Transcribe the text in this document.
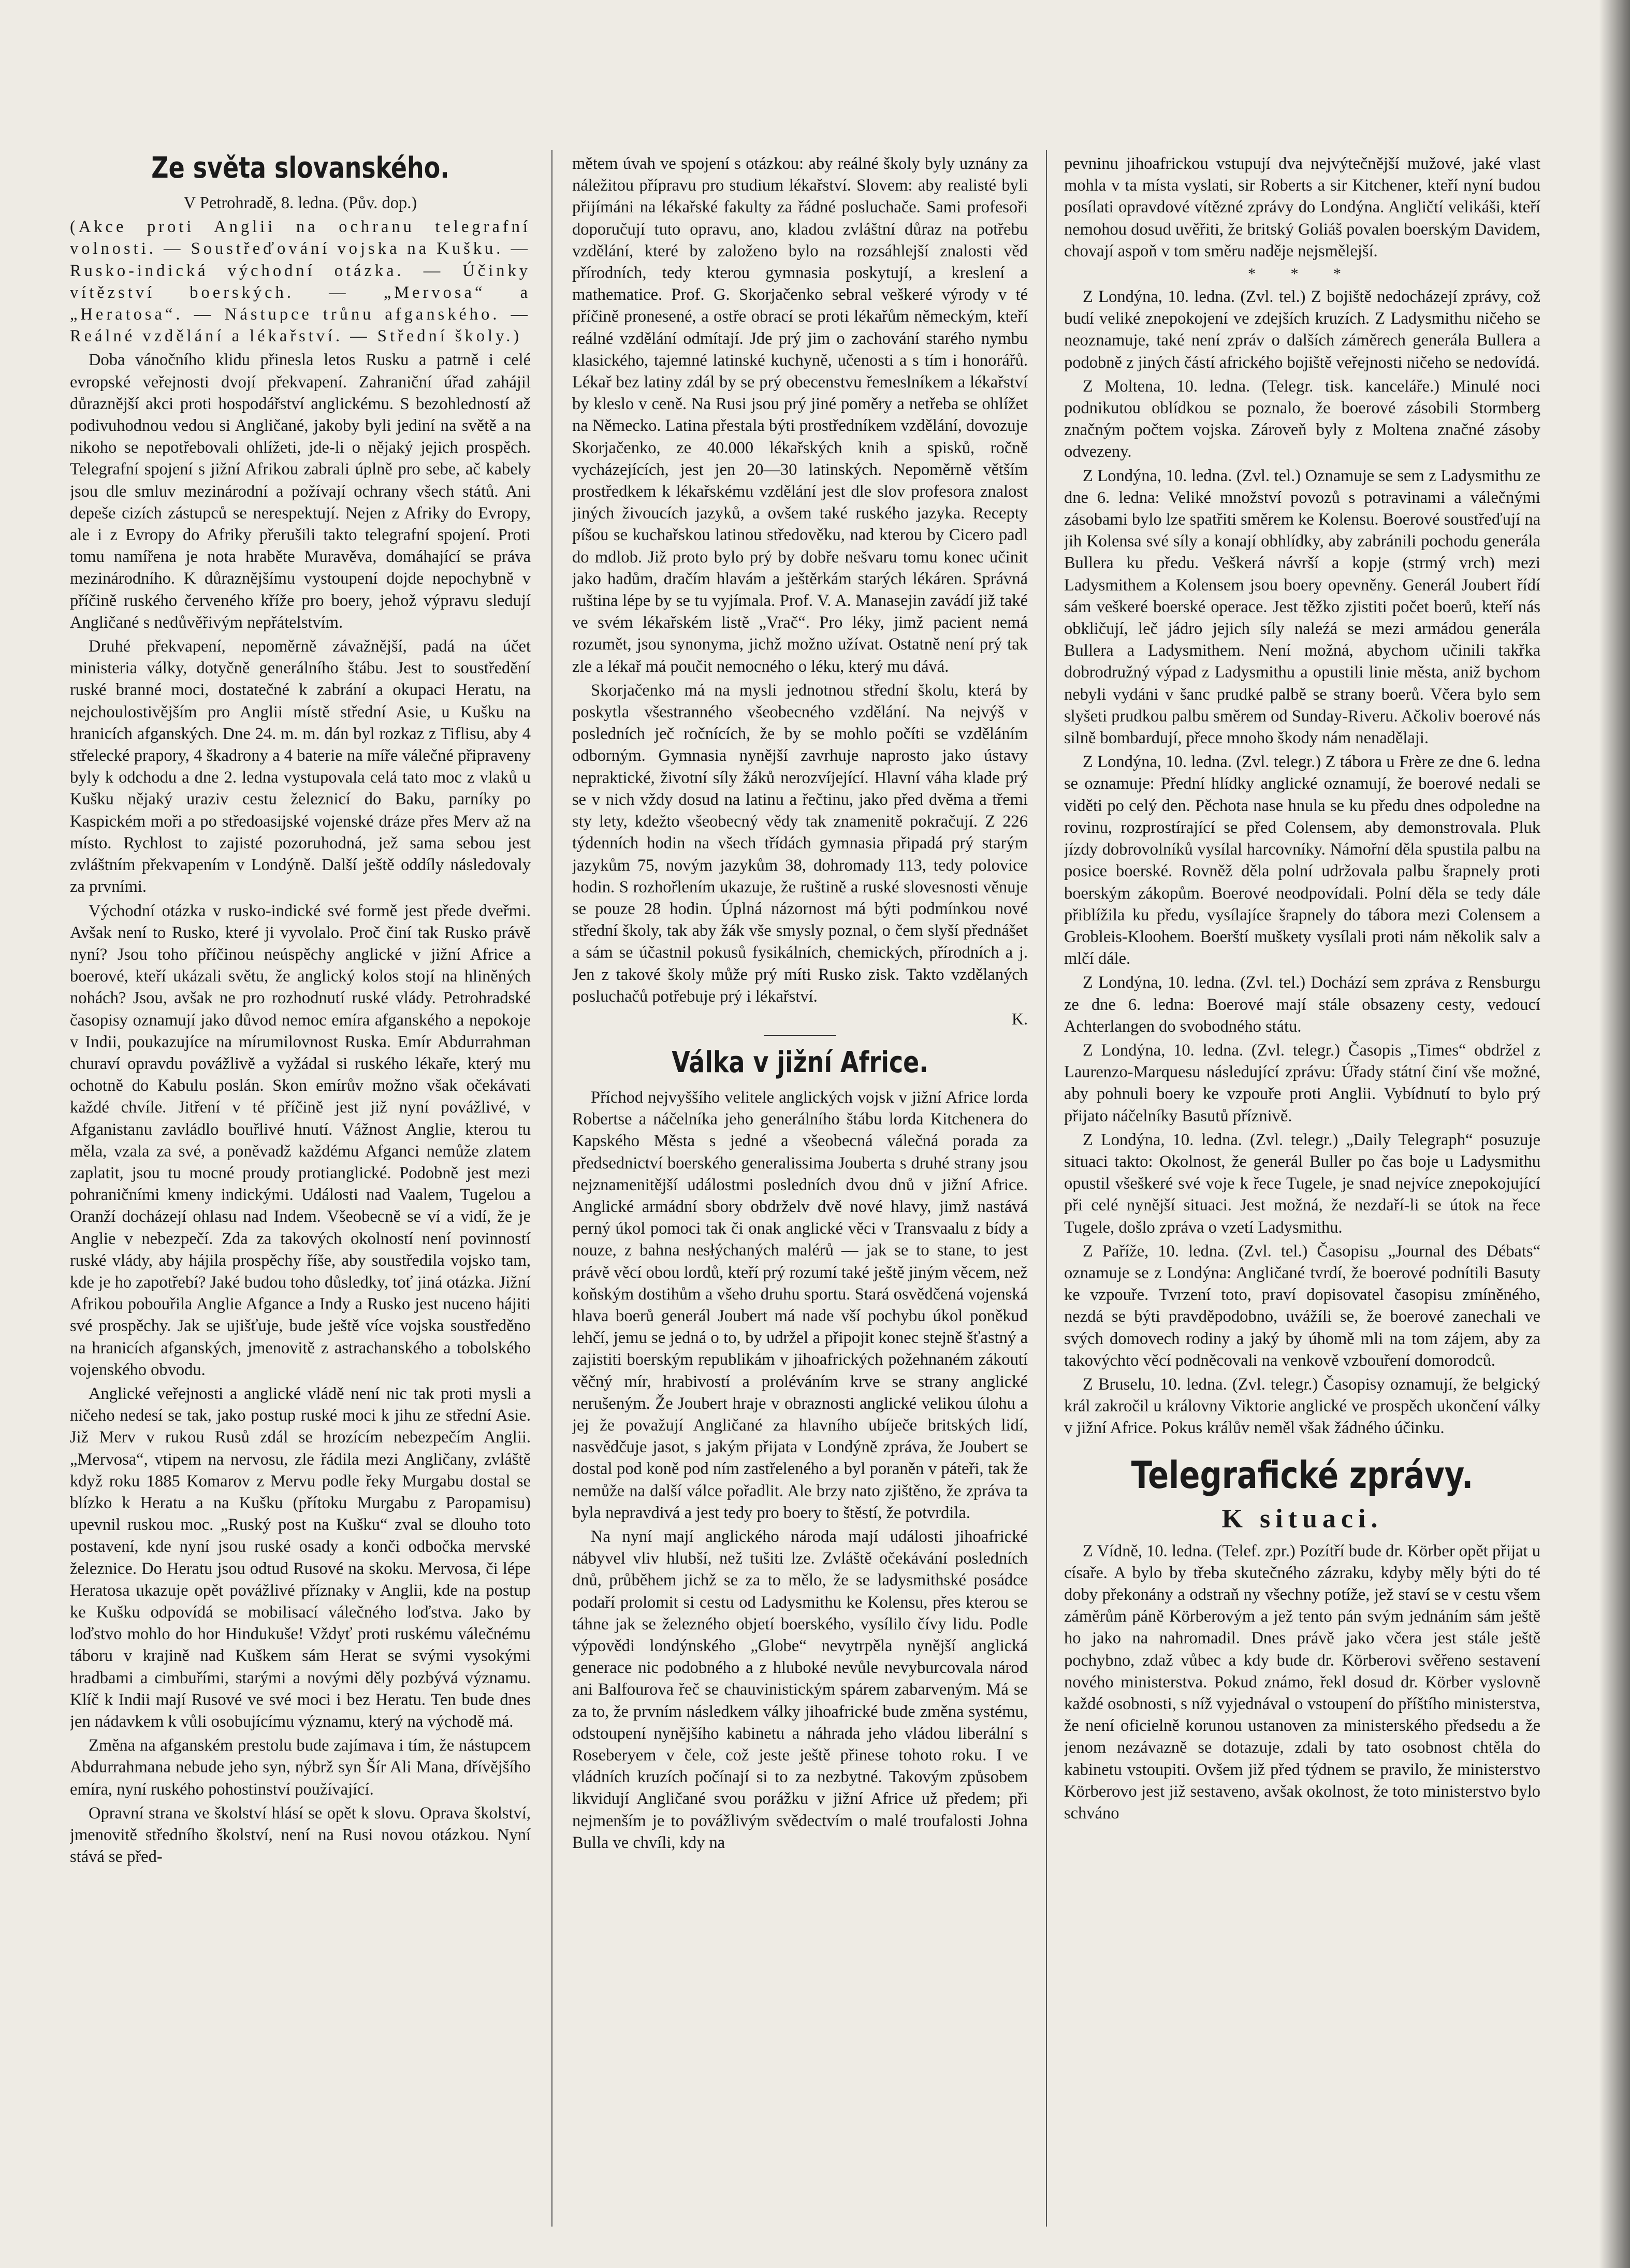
Ze světa slovanského.

V Petrohradě, 8. ledna. (Pův. dop.)

(Akce proti Anglii na ochranu telegrafní volnosti. — Soustřeďování vojska na Kušku. — Rusko-indická východní otázka. — Účinky vítězství boerských. — „Mervosa“ a „Heratosa“. — Nástupce trůnu afganského. — Reálné vzdělání a lékařství. — Střední školy.)

Doba vánočního klidu přinesla letos Rusku a patrně i celé evropské veřejnosti dvojí překvapení. Zahraniční úřad zahájil důraznější akci proti hospodářství anglickému. S bezohledností až podivuhodnou vedou si Angličané, jakoby byli jediní na světě a na nikoho se nepotřebovali ohlížeti, jde-li o nějaký jejich prospěch. Telegrafní spojení s jižní Afrikou zabrali úplně pro sebe, ač kabely jsou dle smluv mezinárodní a požívají ochrany všech států. Ani depeše cizích zástupců se nerespektují. Nejen z Afriky do Evropy, ale i z Evropy do Afriky přerušili takto telegrafní spojení. Proti tomu namířena je nota hraběte Muravěva, domáhající se práva mezinárodního. K důraznějšímu vystoupení dojde nepochybně v příčině ruského červeného kříže pro boery, jehož výpravu sledují Angličané s nedůvěřivým nepřátelstvím.

Druhé překvapení, nepoměrně závažnější, padá na účet ministeria války, dotyčně generálního štábu. Jest to soustředění ruské branné moci, dostatečné k zabrání a okupaci Heratu, na nejchoulostivějším pro Anglii místě střední Asie, u Kušku na hranicích afganských. Dne 24. m. m. dán byl rozkaz z Tiflisu, aby 4 střelecké prapory, 4 škadrony a 4 baterie na míře válečné připraveny byly k odchodu a dne 2. ledna vystupovala celá tato moc z vlaků u Kušku nějaký uraziv cestu železnicí do Baku, parníky po Kaspickém moři a po středoasijské vojenské dráze přes Merv až na místo. Rychlost to zajisté pozoruhodná, jež sama sebou jest zvláštním překvapením v Londýně. Další ještě oddíly následovaly za prvními.

Východní otázka v rusko-indické své formě jest přede dveřmi. Avšak není to Rusko, které ji vyvolalo. Proč činí tak Rusko právě nyní? Jsou toho příčinou neúspěchy anglické v jižní Africe a boerové, kteří ukázali světu, že anglický kolos stojí na hliněných nohách? Jsou, avšak ne pro rozhodnutí ruské vlády. Petrohradské časopisy oznamují jako důvod nemoc emíra afganského a nepokoje v Indii, poukazujíce na mírumilovnost Ruska. Emír Abdurrahman churaví opravdu povážlivě a vyžádal si ruského lékaře, který mu ochotně do Kabulu poslán. Skon emírův možno však očekávati každé chvíle. Jitření v té příčině jest již nyní povážlivé, v Afganistanu zavládlo bouřlivé hnutí. Vážnost Anglie, kterou tu měla, vzala za své, a poněvadž každému Afganci nemůže zlatem zaplatit, jsou tu mocné proudy protianglické. Podobně jest mezi pohraničními kmeny indickými. Události nad Vaalem, Tugelou a Oranží docházejí ohlasu nad Indem. Všeobecně se ví a vidí, že je Anglie v nebezpečí. Zda za takových okolností není povinností ruské vlády, aby hájila prospěchy říše, aby soustředila vojsko tam, kde je ho zapotřebí? Jaké budou toho důsledky, toť jiná otázka. Jižní Afrikou pobouřila Anglie Afgance a Indy a Rusko jest nucenо hájiti své prospěchy. Jak se ujišťuje, bude ještě více vojska soustředěno na hranicích afganských, jmenovitě z astrachanského a tobolského vojenského obvodu.

Anglické veřejnosti a anglické vládě není nic tak proti mysli a ničeho nedesí se tak, jako postup ruské moci k jihu ze střední Asie. Již Merv v rukou Rusů zdál se hrozícím nebezpečím Anglii. „Mervosa“, vtipem na nervosu, zle řádila mezi Angličany, zvláště když roku 1885 Komarov z Mervu podle řeky Murgabu dostal se blízko k Heratu a na Kušku (přítoku Murgabu z Paropamisu) upevnil ruskou moc. „Ruský post na Kušku“ zval se dlouho toto postavení, kde nyní jsou ruské osady a konči odbočka mervské železnice. Do Heratu jsou odtud Rusové na skoku. Mervosa, či lépe Heratosa ukazuje opět povážlivé příznaky v Anglii, kde na postup ke Kušku odpovídá se mobilisací válečného loďstva. Jako by loďstvo mohlo do hor Hindukuše! Vždyť proti ruskému válečnému táboru v krajině nad Kuškem sám Herat se svými vysokými hradbami a cimbuřími, starými a novými děly pozbývá významu. Klíč k Indii mají Rusové ve své moci i bez Heratu. Ten bude dnes jen nádavkem k vůli osobujícímu významu, který na východě má.

Změna na afganském prestolu bude zajímava i tím, že nástupcem Abdurrahmana nebude jeho syn, nýbrž syn Šír Ali Mana, dřívějšího emíra, nyní ruského pohostinství používající.

Opravní strana ve školství hlásí se opět k slovu. Oprava školství, jmenovitě středního školství, není na Rusi novou otázkou. Nyní stává se před-

mětem úvah ve spojení s otázkou: aby reálné školy byly uznány za náležitou přípravu pro studium lékařství. Slovem: aby realisté byli přijímáni na lékařské fakulty za řádné posluchače. Sami profesoři doporučují tuto opravu, ano, kladou zvláštní důraz na potřebu vzdělání, které by založeno bylo na rozsáhlejší znalosti věd přírodních, tedy kterou gymnasia poskytují, a kreslení a mathematice. Prof. G. Skorjačenko sebral veškeré výrody v té příčině pronesené, a ostře obrací se proti lékařům německým, kteří reálné vzdělání odmítají. Jde prý jim o zachování starého nymbu klasického, tajemné latinské kuchyně, učenosti a s tím i honorářů. Lékař bez latiny zdál by se prý obecenstvu řemeslníkem a lékařství by kleslo v ceně. Na Rusi jsou prý jiné poměry a netřeba se ohlížet na Německo. Latina přestala býti prostředníkem vzdělání, dovozuje Skorjačenko, ze 40.000 lékařských knih a spisků, ročně vycházejících, jest jen 20—30 latinských. Nepoměrně větším prostředkem k lékařskému vzdělání jest dle slov profesora znalost jiných živoucích jazyků, a ovšem také ruského jazyka. Recepty píšou se kuchařskou latinou středověku, nad kterou by Cicero padl do mdlob. Již proto bylo prý by dobře nešvaru tomu konec učinit jako hadům, dračím hlavám a ještěrkám starých lékáren. Správná ruština lépe by se tu vyjímala. Prof. V. A. Manasejin zavádí již také ve svém lékařském listě „Vrač“. Pro léky, jimž pacient nemá rozumět, jsou synonyma, jichž možno užívat. Ostatně není prý tak zle a lékař má poučit nemocného o léku, který mu dává.

Skorjačenko má na mysli jednotnou střední školu, která by poskytla všestranného všeobecného vzdělání. Na nejvýš v posledních ječ ročnících, že by se mohlo počíti se vzděláním odborným. Gymnasia nynější zavrhuje naprosto jako ústavy nepraktické, životní síly žáků nerozvíjející. Hlavní váha klade prý se v nich vždy dosud na latinu a řečtinu, jako před dvěma a třemi sty lety, kdežto všeobecný vědy tak znamenitě pokračují. Z 226 týdenních hodin na všech třídách gymnasia připadá prý starým jazykům 75, novým jazykům 38, dohromady 113, tedy polovice hodin. S rozhořlením ukazuje, že ruštině a ruské slovesnosti věnuje se pouze 28 hodin. Úplná názornost má býti podmínkou nové střední školy, tak aby žák vše smysly poznal, o čem slyší přednášet a sám se účastnil pokusů fysikálních, chemických, přírodních a j. Jen z takové školy může prý míti Rusko zisk. Takto vzdělaných posluchačů potřebuje prý i lékařství.

K.
Válka v jižní Africe.

Příchod nejvyššího velitele anglických vojsk v jižní Africe lorda Robertse a náčelníka jeho generálního štábu lorda Kitchenera do Kapského Města s jedné a všeobecná válečná porada za předsednictví boerského generalissima Jouberta s druhé strany jsou nejznamenitější událostmi posledních dvou dnů v jižní Africe. Anglické armádní sbory obdrželv dvě nové hlavy, jimž nastává perný úkol pomoci tak či onak anglické věci v Transvaalu z bídy a nouze, z bahna nesłýchaných malérů — jak se to stane, to jest právě věcí obou lordů, kteří prý rozumí také ještě jiným věcem, než koňským dostihům a všeho druhu sportu. Stará osvědčená vojenská hlava boerů generál Joubert má nade vší pochybu úkol poněkud lehčí, jemu se jedná o to, by udržel a připojit konec stejně šťastný a zajistiti boerským republikám v jihoafrických požehnaném zákoutí věčný mír, hrabivostí a proléváním krve se strany anglické nerušeným. Že Joubert hraje v obraznosti anglické velikou úlohu a jej že považují Angličané za hlavního ubíječe britských lidí, nasvědčuje jasot, s jakým přijata v Londýně zpráva, že Joubert se dostal pod koně pod ním zastřeleného a byl poraněn v páteři, tak že nemůže na další válce pořadlit. Ale brzy nato zjištěno, že zpráva ta byla nepravdivá a jest tedy pro boery to štěstí, že potvrdila.

Na nyní mají anglického národa mají události jihoafrické nábyvel vliv hlubší, než tušiti lze. Zvláště očekávání posledních dnů, průběhem jichž se za to mělo, že se ladysmithské posádce podaří prolomit si cestu od Ladysmithu ke Kolensu, přes kterou se táhne jak se železného objetí boerského, vysílilo čívy lidu. Podle výpovědi londýnského „Globe“ nevytrpěla nynější anglická generace nic podobného a z hluboké nevůle nevyburcovala národ ani Balfourova řeč se chauvinistickým spárem zabarveným. Má se za to, že prvním následkem války jihoafrické bude změna systému, odstoupení nynějšího kabinetu a náhrada jeho vládou liberální s Roseberyem v čele, což jeste ještě přinese tohoto roku. I ve vládních kruzích počínají si to za nezbytné. Takovým způsobem likvidují Angličané svou porážku v jižní Africe už předem; při nejmenším je to povážlivým svědectvím o malé troufalosti Johna Bulla ve chvíli, kdy na

pevninu jihoafrickou vstupují dva nejvýtečnější mužové, jaké vlast mohla v ta místa vyslati, sir Roberts a sir Kitchener, kteří nyní budou posílati opravdové vítězné zprávy do Londýna. Angličtí velikáši, kteří nemohou dosud uvěřiti, že britský Goliáš povalen boerským Davidem, chovají aspoň v tom směru naděje nejsmělejší.

* * *

Z Londýna, 10. ledna. (Zvl. tel.) Z bojiště nedocházejí zprávy, což budí veliké znepokojení ve zdejších kruzích. Z Ladysmithu ničeho se neoznamuje, také není zpráv o dalších záměrech generála Bullera a podobně z jiných částí afrického bojiště veřejnosti ničeho se nedovídá.

Z Moltena, 10. ledna. (Telegr. tisk. kanceláře.) Minulé noci podnikutou oblídkou se poznalo, že boerové zásobili Stormberg značným počtem vojska. Zároveň byly z Moltena značné zásoby odvezeny.

Z Londýna, 10. ledna. (Zvl. tel.) Oznamuje se sem z Ladysmithu ze dne 6. ledna: Veliké množství povozů s potravinami a válečnými zásobami bylo lze spatřiti směrem ke Kolensu. Boerové soustřeďují na jih Kolensa své síly a konají obhlídky, aby zabránili pochodu generála Bullera ku předu. Veškerá návrší a kopje (strmý vrch) mezi Ladysmithem a Kolensem jsou boery opevněny. Generál Joubert řídí sám veškeré boerské operace. Jest těžko zjistiti počet boerů, kteří nás obkličují, leč jádro jejich síly naleźá se mezi armádou generála Bullera a Ladysmithem. Není možná, abychom učinili takřka dobrodružný výpad z Ladysmithu a opustili linie města, aniž bychom nebyli vydáni v šanc prudké palbě se strany boerů. Včera bylo sem slyšeti prudkou palbu směrem od Sunday-Riveru. Ačkoliv boerové nás silně bombardují, přece mnoho škody nám nenadělaji.

Z Londýna, 10. ledna. (Zvl. telegr.) Z tábora u Frère ze dne 6. ledna se oznamuje: Přední hlídky anglické oznamují, že boerové nedali se viděti po celý den. Pěchota nase hnula se ku předu dnes odpoledne na rovinu, rozprostírající se před Colensem, aby demonstrovala. Pluk jízdy dobrovolníků vysílal harcovníky. Námořní děla spustila palbu na posice boerské. Rovněž děla polní udržovala palbu šrapnely proti boerským zákopům. Boerové neodpovídali. Polní děla se tedy dále přiblížila ku předu, vysílajíce šrapnely do tábora mezi Colensem a Grobleis-Kloohem. Boerští muškety vysílali proti nám několik salv a mlčí dále.

Z Londýna, 10. ledna. (Zvl. tel.) Dochází sem zpráva z Rensburgu ze dne 6. ledna: Boerové mají stále obsazeny cesty, vedoucí Achterlangen do svobodného státu.

Z Londýna, 10. ledna. (Zvl. telegr.) Časopis „Times“ obdržel z Laurenzo-Marquesu následující zprávu: Úřady státní činí vše možné, aby pohnuli boery ke vzpouře proti Anglii. Vybídnutí to bylo prý přijato náčelníky Basutů příznivě.

Z Londýna, 10. ledna. (Zvl. telegr.) „Daily Telegraph“ posuzuje situaci takto: Okolnost, že generál Buller po čas boje u Ladysmithu opustil všeškeré své voje k řece Tugele, je snad nejvíce znepokojující při celé nynější situaci. Jest možná, že nezdaří-li se útok na řece Tugele, došlo zpráva o vzetí Ladysmithu.

Z Paříže, 10. ledna. (Zvl. tel.) Časopisu „Journal des Débats“ oznamuje se z Londýna: Angličané tvrdí, že boerové podnítili Basuty ke vzpouře. Tvrzení toto, praví dopisovatel časopisu zmíněného, nezdá se býti pravděpodobno, uvážíli se, že boerové zanechali ve svých domovech rodiny a jaký by úhomě mli na tom zájem, aby za takovýchto věcí podněcovali na venkově vzbouření domorodců.

Z Bruselu, 10. ledna. (Zvl. telegr.) Časopisy oznamují, že belgický král zakročil u královny Viktorie anglické ve prospěch ukončení války v jižní Africe. Pokus králův neměl však žádného účinku.

Telegrafické zprávy.
K situaci.

Z Vídně, 10. ledna. (Telef. zpr.) Pozítří bude dr. Körber opět přijat u císaře. A bylo by třeba skutečného zázraku, kdyby měly býti do té doby překonány a odstraň ny všechny potíže, jež staví se v cestu všem záměrům páně Körberovým a jež tento pán svým jednáním sám ještě ho jako na nahromadil. Dnes právě jako včera jest stále ještě pochybno, zdaž vůbec a kdy bude dr. Körberovi svěřeno sestavení nového ministerstva. Pokud známo, řekl dosud dr. Körber vyslovně každé osobnosti, s níž vyjednával o vstoupení do příštího ministerstva, že není oficielně korunou ustanoven za ministerského předsedu a že jenom nezávazně se dotazuje, zdali by tato osobnost chtěla do kabinetu vstoupiti. Ovšem již před týdnem se pravilo, že ministerstvo Körberovo jest již sestaveno, avšak okolnost, že toto ministerstvo bylo schváno
